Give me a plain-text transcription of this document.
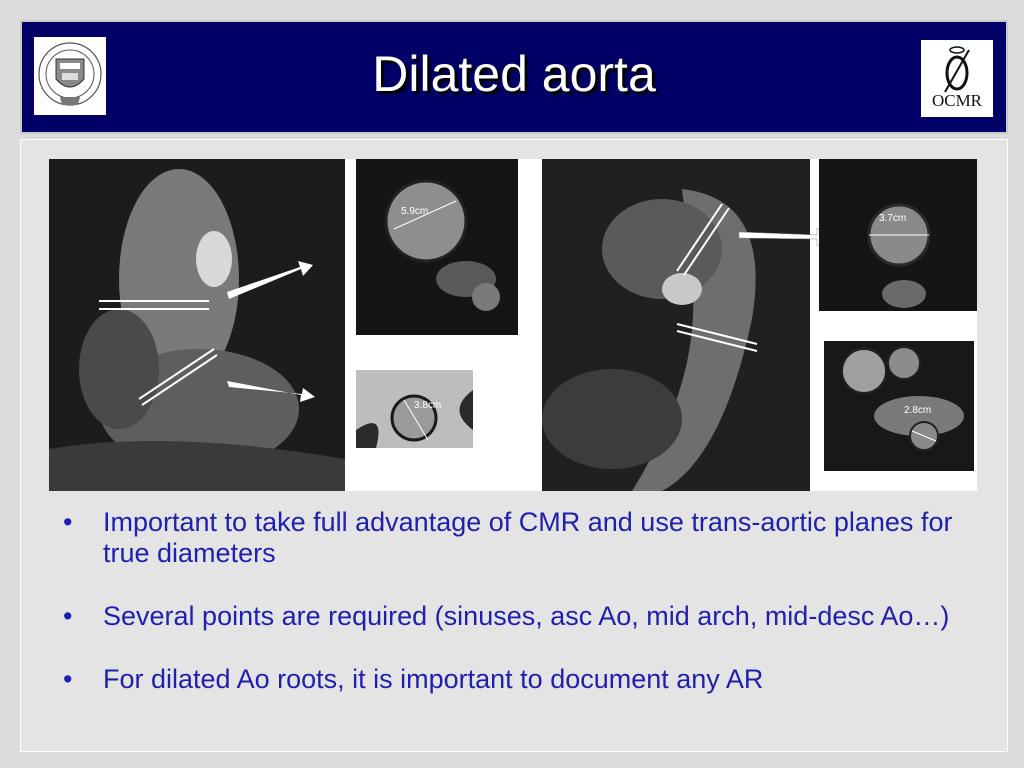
Dilated aorta	OCMR
5.9cm
3.8cm
3.7cm
2.8cm
• Important to take full advantage of CMR and use trans-aortic planes for true diameters
• Several points are required (sinuses, asc Ao, mid arch, mid-desc Ao…)
• For dilated Ao roots, it is important to document any AR
